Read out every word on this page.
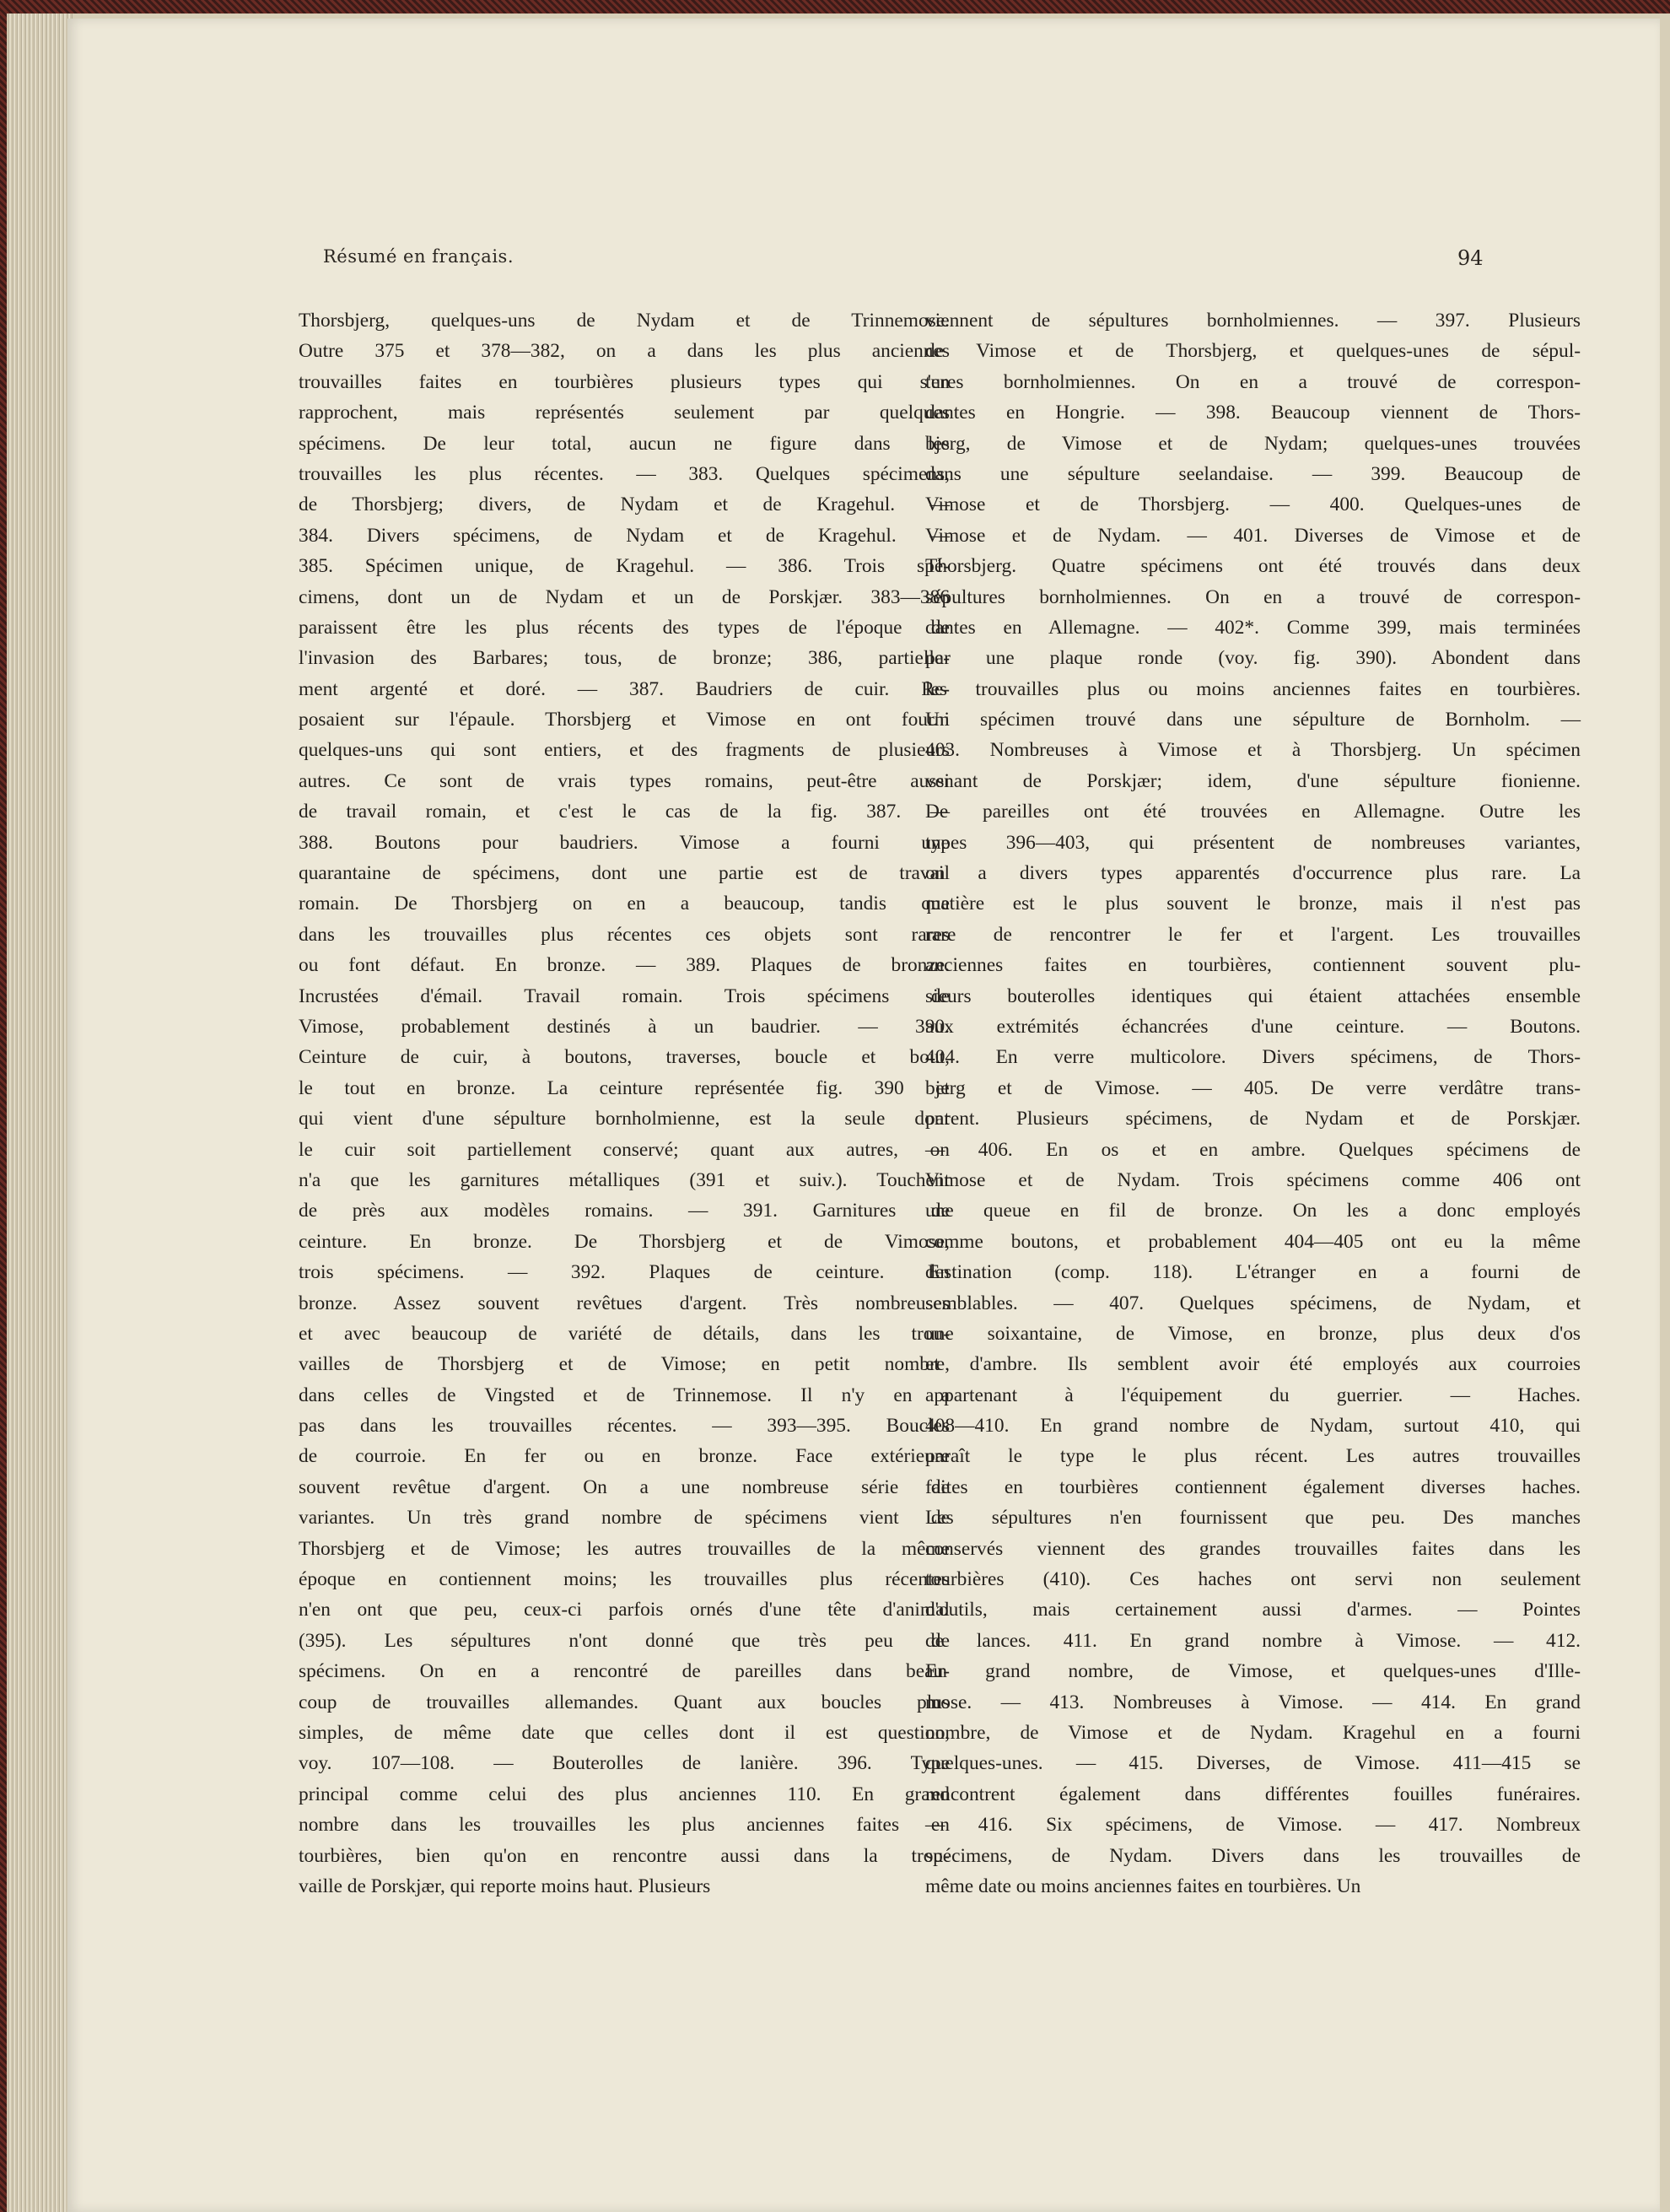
Résumé en français.	94
Thorsbjerg, quelques-uns de Nydam et de Trinnemose.
Outre 375 et 378—382, on a dans les plus anciennes
trouvailles faites en tourbières plusieurs types qui s'en
rapprochent, mais représentés seulement par quelques
spécimens. De leur total, aucun ne figure dans les
trouvailles les plus récentes. — 383. Quelques spécimens,
de Thorsbjerg; divers, de Nydam et de Kragehul. —
384. Divers spécimens, de Nydam et de Kragehul. —
385. Spécimen unique, de Kragehul. — 386. Trois spé-
cimens, dont un de Nydam et un de Porskjær. 383—386
paraissent être les plus récents des types de l'époque de
l'invasion des Barbares; tous, de bronze; 386, partielle-
ment argenté et doré. — 387. Baudriers de cuir. Re-
posaient sur l'épaule. Thorsbjerg et Vimose en ont fourni
quelques-uns qui sont entiers, et des fragments de plusieurs
autres. Ce sont de vrais types romains, peut-être aussi
de travail romain, et c'est le cas de la fig. 387. —
388. Boutons pour baudriers. Vimose a fourni une
quarantaine de spécimens, dont une partie est de travail
romain. De Thorsbjerg on en a beaucoup, tandis que
dans les trouvailles plus récentes ces objets sont rares
ou font défaut. En bronze. — 389. Plaques de bronze.
Incrustées d'émail. Travail romain. Trois spécimens de
Vimose, probablement destinés à un baudrier. — 390.
Ceinture de cuir, à boutons, traverses, boucle et bout,
le tout en bronze. La ceinture représentée fig. 390 et
qui vient d'une sépulture bornholmienne, est la seule dont
le cuir soit partiellement conservé; quant aux autres, on
n'a que les garnitures métalliques (391 et suiv.). Touchent
de près aux modèles romains. — 391. Garnitures de
ceinture. En bronze. De Thorsbjerg et de Vimose,
trois spécimens. — 392. Plaques de ceinture. En
bronze. Assez souvent revêtues d'argent. Très nombreuses
et avec beaucoup de variété de détails, dans les trou-
vailles de Thorsbjerg et de Vimose; en petit nombre,
dans celles de Vingsted et de Trinnemose. Il n'y en a
pas dans les trouvailles récentes. — 393—395. Boucles
de courroie. En fer ou en bronze. Face extérieure
souvent revêtue d'argent. On a une nombreuse série de
variantes. Un très grand nombre de spécimens vient de
Thorsbjerg et de Vimose; les autres trouvailles de la même
époque en contiennent moins; les trouvailles plus récentes
n'en ont que peu, ceux-ci parfois ornés d'une tête d'animal
(395). Les sépultures n'ont donné que très peu de
spécimens. On en a rencontré de pareilles dans beau-
coup de trouvailles allemandes. Quant aux boucles plus
simples, de même date que celles dont il est question,
voy. 107—108. — Bouterolles de lanière. 396. Type
principal comme celui des plus anciennes 110. En grand
nombre dans les trouvailles les plus anciennes faites en
tourbières, bien qu'on en rencontre aussi dans la trou-
vaille de Porskjær, qui reporte moins haut. Plusieurs
viennent de sépultures bornholmiennes. — 397. Plusieurs
de Vimose et de Thorsbjerg, et quelques-unes de sépul-
tures bornholmiennes. On en a trouvé de correspon-
dantes en Hongrie. — 398. Beaucoup viennent de Thors-
bjerg, de Vimose et de Nydam; quelques-unes trouvées
dans une sépulture seelandaise. — 399. Beaucoup de
Vimose et de Thorsbjerg. — 400. Quelques-unes de
Vimose et de Nydam. — 401. Diverses de Vimose et de
Thorsbjerg. Quatre spécimens ont été trouvés dans deux
sépultures bornholmiennes. On en a trouvé de correspon-
dantes en Allemagne. — 402*. Comme 399, mais terminées
par une plaque ronde (voy. fig. 390). Abondent dans
les trouvailles plus ou moins anciennes faites en tourbières.
Un spécimen trouvé dans une sépulture de Bornholm. —
403. Nombreuses à Vimose et à Thorsbjerg. Un spécimen
venant de Porskjær; idem, d'une sépulture fionienne.
De pareilles ont été trouvées en Allemagne. Outre les
types 396—403, qui présentent de nombreuses variantes,
on a divers types apparentés d'occurrence plus rare. La
matière est le plus souvent le bronze, mais il n'est pas
rare de rencontrer le fer et l'argent. Les trouvailles
anciennes faites en tourbières, contiennent souvent plu-
sieurs bouterolles identiques qui étaient attachées ensemble
aux extrémités échancrées d'une ceinture. — Boutons.
404. En verre multicolore. Divers spécimens, de Thors-
bjerg et de Vimose. — 405. De verre verdâtre trans-
parent. Plusieurs spécimens, de Nydam et de Porskjær.
— 406. En os et en ambre. Quelques spécimens de
Vimose et de Nydam. Trois spécimens comme 406 ont
une queue en fil de bronze. On les a donc employés
comme boutons, et probablement 404—405 ont eu la même
destination (comp. 118). L'étranger en a fourni de
semblables. — 407. Quelques spécimens, de Nydam, et
une soixantaine, de Vimose, en bronze, plus deux d'os
et d'ambre. Ils semblent avoir été employés aux courroies
appartenant à l'équipement du guerrier. — Haches.
408—410. En grand nombre de Nydam, surtout 410, qui
paraît le type le plus récent. Les autres trouvailles
faites en tourbières contiennent également diverses haches.
Les sépultures n'en fournissent que peu. Des manches
conservés viennent des grandes trouvailles faites dans les
tourbières (410). Ces haches ont servi non seulement
d'outils, mais certainement aussi d'armes. — Pointes
de lances. 411. En grand nombre à Vimose. — 412.
En grand nombre, de Vimose, et quelques-unes d'Ille-
mose. — 413. Nombreuses à Vimose. — 414. En grand
nombre, de Vimose et de Nydam. Kragehul en a fourni
quelques-unes. — 415. Diverses, de Vimose. 411—415 se
rencontrent également dans différentes fouilles funéraires.
— 416. Six spécimens, de Vimose. — 417. Nombreux
spécimens, de Nydam. Divers dans les trouvailles de
même date ou moins anciennes faites en tourbières. Un
